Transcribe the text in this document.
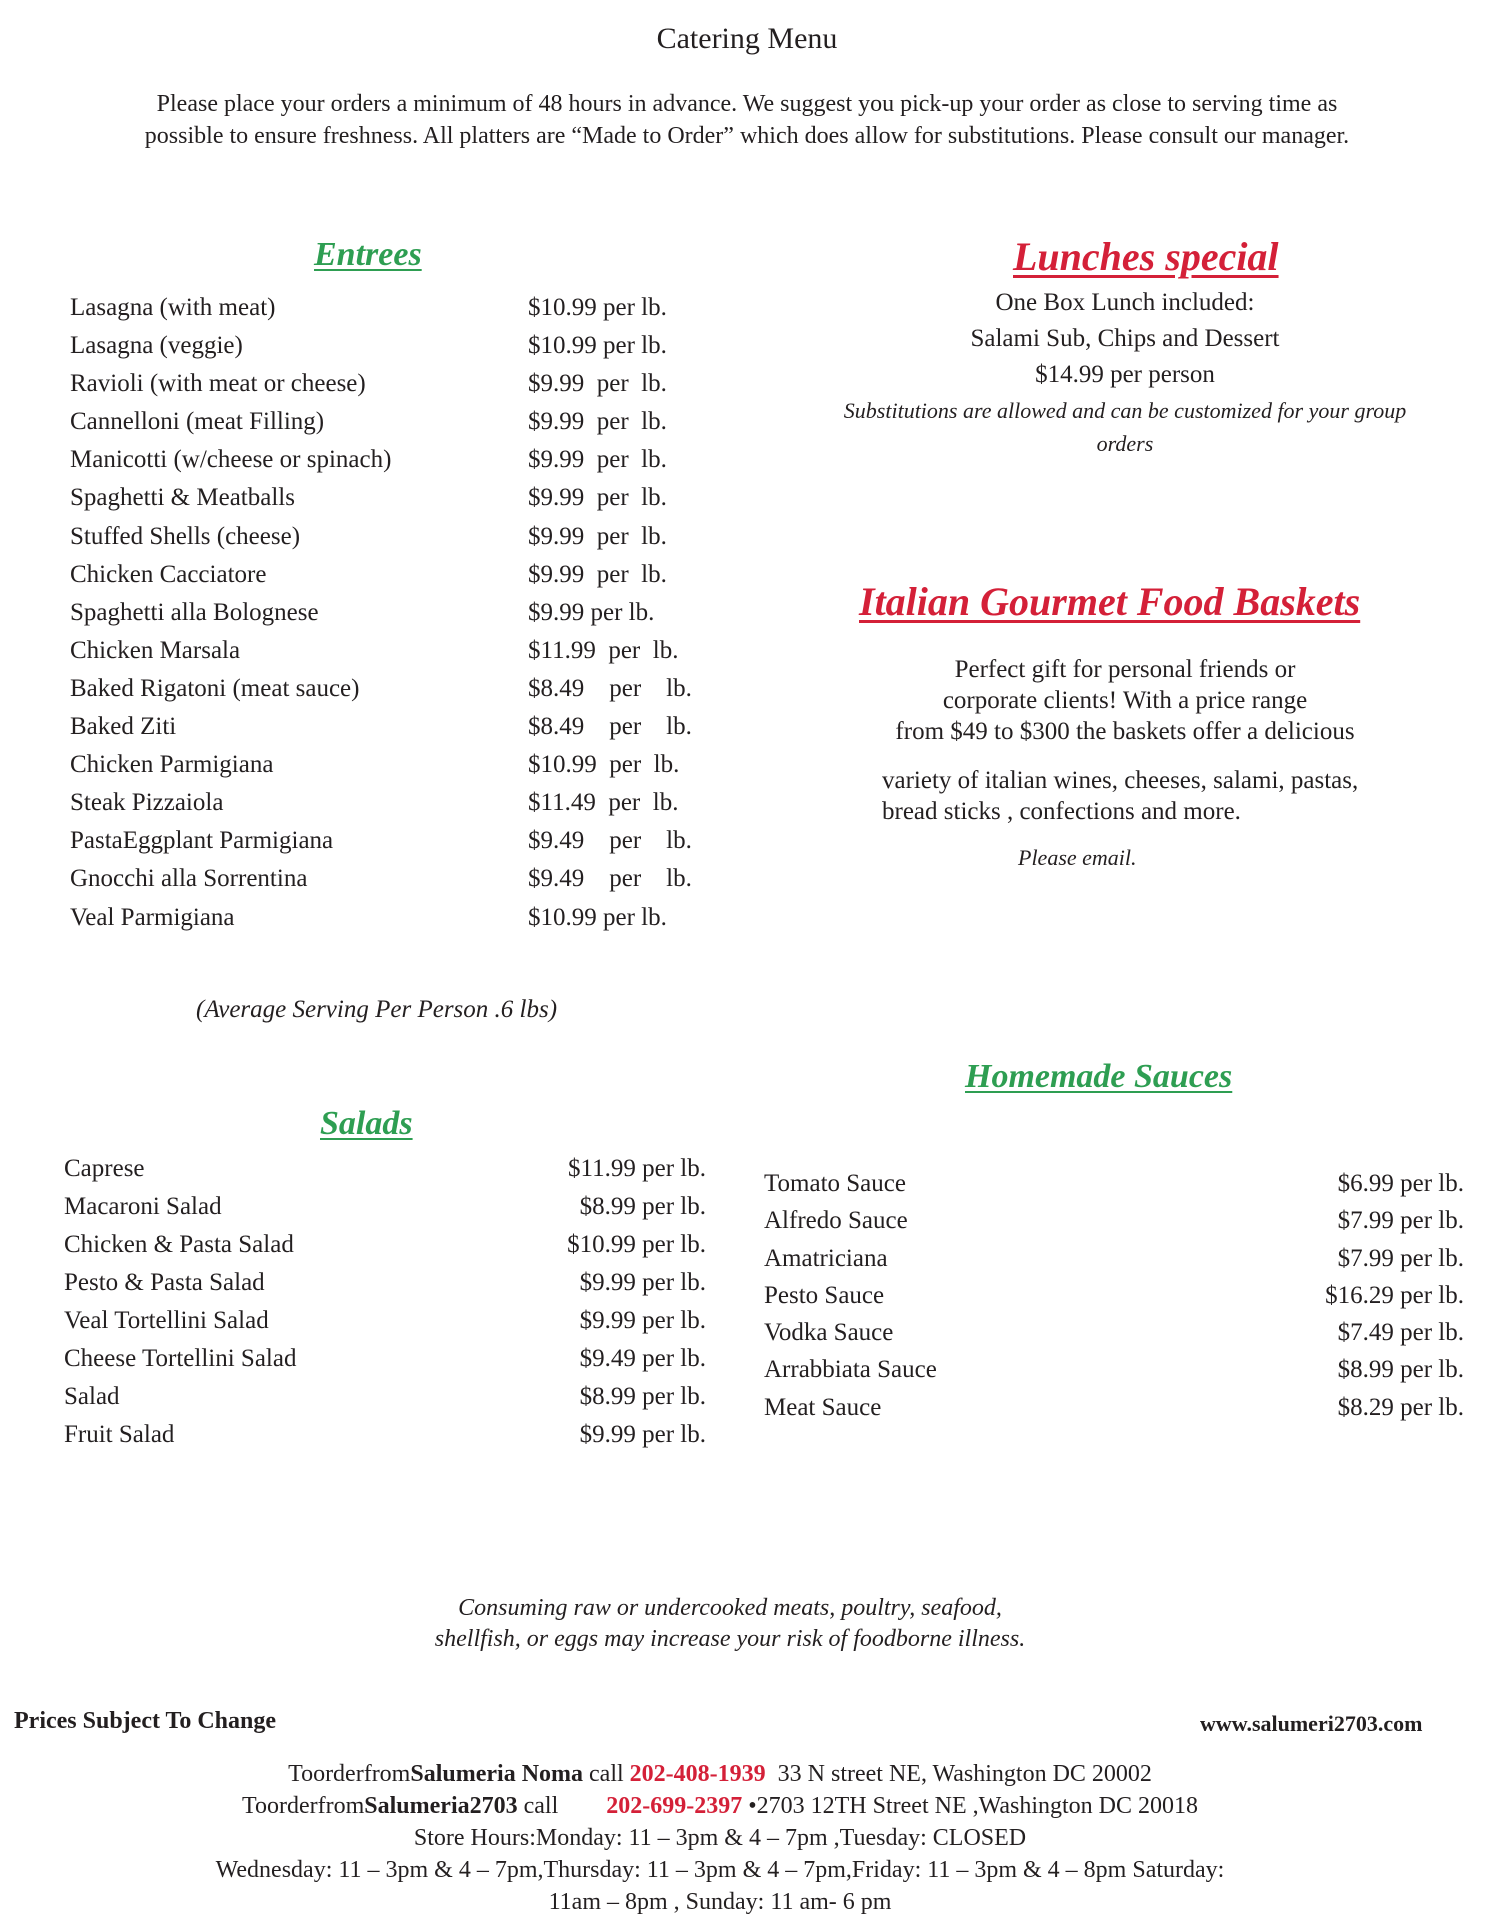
Catering Menu
Please place your orders a minimum of 48 hours in advance. We suggest you pick-up your order as close to serving time as
possible to ensure freshness. All platters are “Made to Order” which does allow for substitutions. Please consult our manager.
Entrees
Lasagna (with meat)	$10.99 per lb.
Lasagna (veggie)	$10.99 per lb.
Ravioli (with meat or cheese)	$9.99  per  lb.
Cannelloni (meat Filling)	$9.99  per  lb.
Manicotti (w/cheese or spinach)	$9.99  per  lb.
Spaghetti & Meatballs	$9.99  per  lb.
Stuffed Shells (cheese)	$9.99  per  lb.
Chicken Cacciatore	$9.99  per  lb.
Spaghetti alla Bolognese	$9.99 per lb.
Chicken Marsala	$11.99  per  lb.
Baked Rigatoni (meat sauce)	$8.49    per    lb.
Baked Ziti	$8.49    per    lb.
Chicken Parmigiana	$10.99  per  lb.
Steak Pizzaiola	$11.49  per  lb.
PastaEggplant Parmigiana	$9.49    per    lb.
Gnocchi alla Sorrentina	$9.49    per    lb.
Veal Parmigiana	$10.99 per lb.
(Average Serving Per Person .6 lbs)
Lunches special
One Box Lunch included:
Salami Sub, Chips and Dessert
$14.99 per person
Substitutions are allowed and can be customized for your group
orders
Italian Gourmet Food Baskets
Perfect gift for personal friends or
corporate clients! With a price range
from $49 to $300 the baskets offer a delicious
variety of italian wines, cheeses, salami, pastas,
bread sticks , confections and more.
Please email.
Homemade Sauces
Tomato Sauce	$6.99 per lb.
Alfredo Sauce	$7.99 per lb.
Amatriciana	$7.99 per lb.
Pesto Sauce	$16.29 per lb.
Vodka Sauce	$7.49 per lb.
Arrabbiata Sauce	$8.99 per lb.
Meat Sauce	$8.29 per lb.
Salads
Caprese	$11.99 per lb.
Macaroni Salad	$8.99 per lb.
Chicken & Pasta Salad	$10.99 per lb.
Pesto & Pasta Salad	$9.99 per lb.
Veal Tortellini Salad	$9.99 per lb.
Cheese Tortellini Salad	$9.49 per lb.
Salad	$8.99 per lb.
Fruit Salad	$9.99 per lb.
Consuming raw or undercooked meats, poultry, seafood,
shellfish, or eggs may increase your risk of foodborne illness.
Prices Subject To Change	www.salumeri2703.com
ToorderfromSalumeria Noma call 202-408-1939  33 N street NE, Washington DC 20002
ToorderfromSalumeria2703 call        202-699-2397 •2703 12TH Street NE ,Washington DC 20018
Store Hours:Monday: 11 – 3pm & 4 – 7pm ,Tuesday: CLOSED
Wednesday: 11 – 3pm & 4 – 7pm,Thursday: 11 – 3pm & 4 – 7pm,Friday: 11 – 3pm & 4 – 8pm Saturday:
11am – 8pm , Sunday: 11 am- 6 pm
